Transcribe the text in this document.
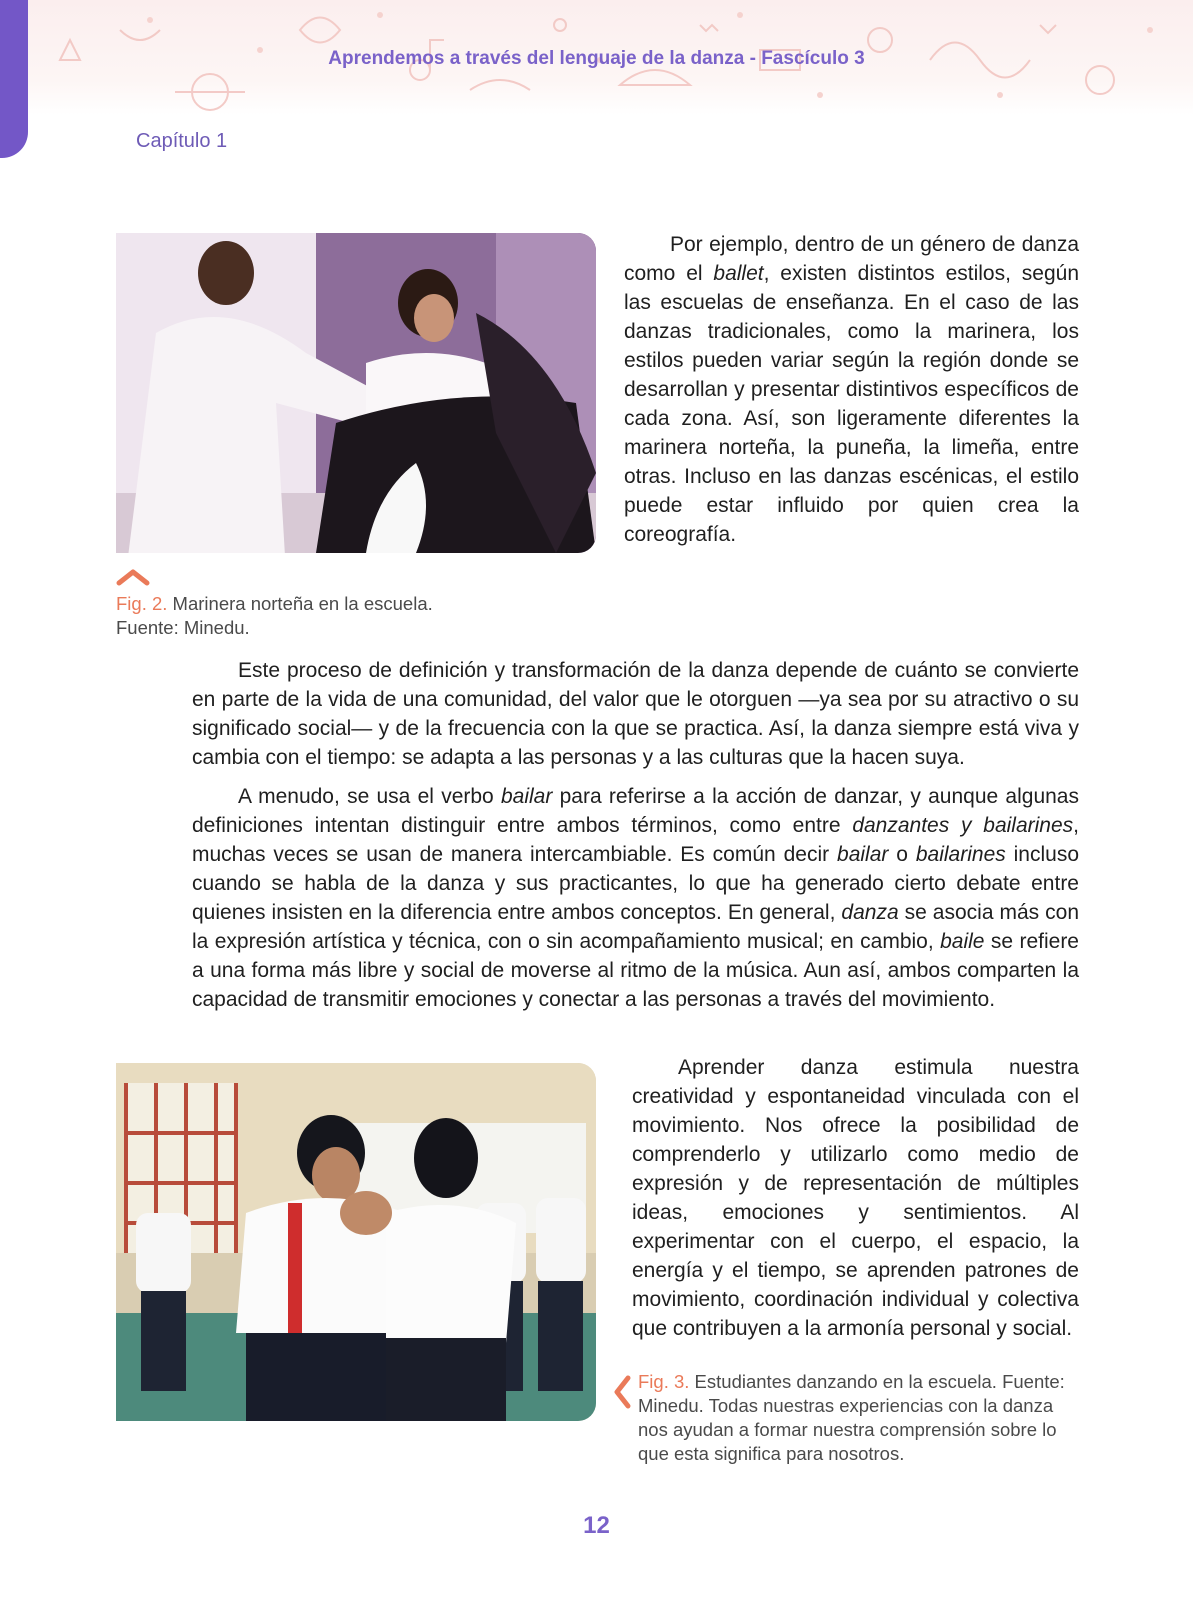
Aprendemos a través del lenguaje de la danza - Fascículo 3
Capítulo 1
Fig. 2. Marinera norteña en la escuela.
Fuente: Minedu.

Por ejemplo, dentro de un género de danza como el ballet, existen distintos estilos, según las escuelas de enseñanza. En el caso de las danzas tradicionales, como la marinera, los estilos pueden variar según la región donde se desarrollan y presentar distintivos específicos de cada zona. Así, son ligeramente diferentes la marinera norteña, la puneña, la limeña, entre otras. Incluso en las danzas escénicas, el estilo puede estar influido por quien crea la coreografía.

Este proceso de definición y transformación de la danza depende de cuánto se convierte en parte de la vida de una comunidad, del valor que le otorguen —ya sea por su atractivo o su significado social— y de la frecuencia con la que se practica. Así, la danza siempre está viva y cambia con el tiempo: se adapta a las personas y a las culturas que la hacen suya.

A menudo, se usa el verbo bailar para referirse a la acción de danzar, y aunque algunas definiciones intentan distinguir entre ambos términos, como entre danzantes y bailarines, muchas veces se usan de manera intercambiable. Es común decir bailar o bailarines incluso cuando se habla de la danza y sus practicantes, lo que ha generado cierto debate entre quienes insisten en la diferencia entre ambos conceptos. En general, danza se asocia más con la expresión artística y técnica, con o sin acompañamiento musical; en cambio, baile se refiere a una forma más libre y social de moverse al ritmo de la música. Aun así, ambos comparten la capacidad de transmitir emociones y conectar a las personas a través del movimiento.

Aprender danza estimula nuestra creatividad y espontaneidad vinculada con el movimiento. Nos ofrece la posibilidad de comprenderlo y utilizarlo como medio de expresión y de representación de múltiples ideas, emociones y sentimientos. Al experimentar con el cuerpo, el espacio, la energía y el tiempo, se aprenden patrones de movimiento, coordinación individual y colectiva que contribuyen a la armonía personal y social.

Fig. 3. Estudiantes danzando en la escuela. Fuente: Minedu. Todas nuestras experiencias con la danza nos ayudan a formar nuestra comprensión sobre lo que esta significa para nosotros.
12
